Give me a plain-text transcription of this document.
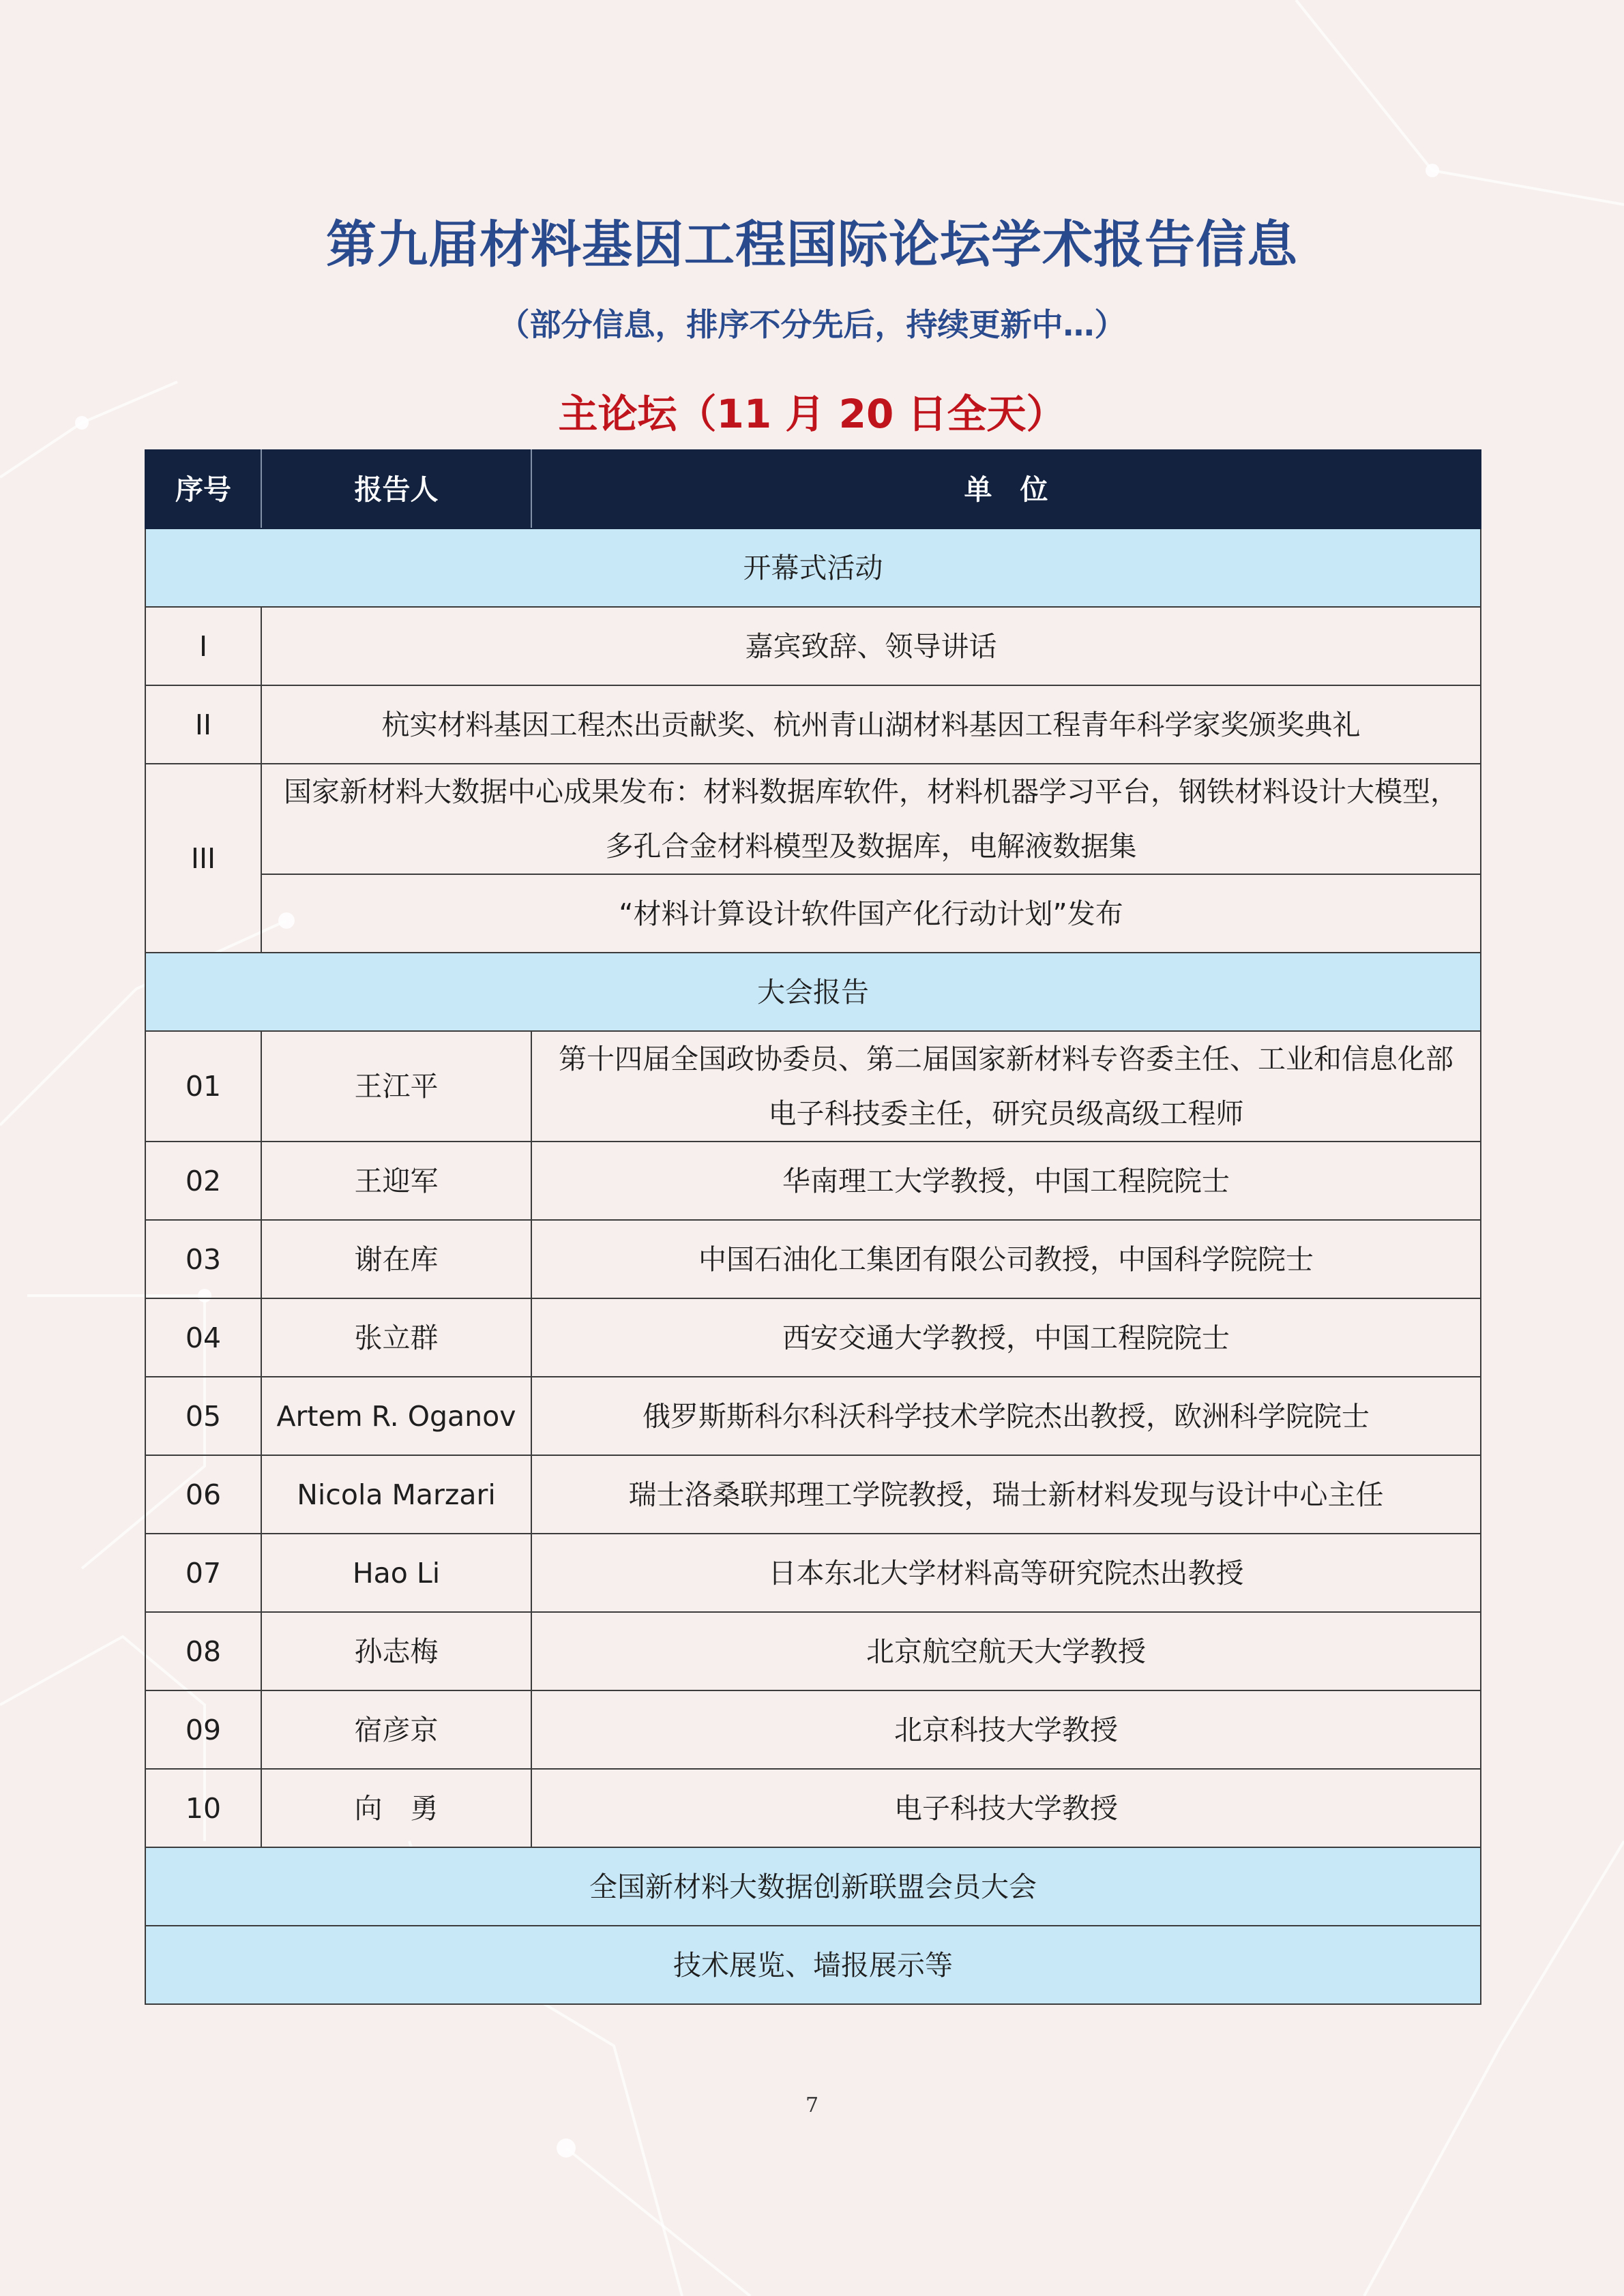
第九届材料基因工程国际论坛学术报告信息
（部分信息，排序不分先后，持续更新中…）
主论坛（11 月 20 日全天）
序号	报告人	单　位
开幕式活动		
I	嘉宾致辞、领导讲话	
II	杭实材料基因工程杰出贡献奖、杭州青山湖材料基因工程青年科学家奖颁奖典礼	
III	国家新材料大数据中心成果发布：材料数据库软件，材料机器学习平台，钢铁材料设计大模型，
多孔合金材料模型及数据库，电解液数据集	

	“材料计算设计软件国产化行动计划”发布	
大会报告		
01	王江平	第十四届全国政协委员、第二届国家新材料专咨委主任、工业和信息化部
电子科技委主任，研究员级高级工程师

02	王迎军	华南理工大学教授，中国工程院院士
03	谢在库	中国石油化工集团有限公司教授，中国科学院院士
04	张立群	西安交通大学教授，中国工程院院士
05	Artem R. Oganov	俄罗斯斯科尔科沃科学技术学院杰出教授，欧洲科学院院士
06	Nicola Marzari	瑞士洛桑联邦理工学院教授，瑞士新材料发现与设计中心主任
07	Hao Li	日本东北大学材料高等研究院杰出教授
08	孙志梅	北京航空航天大学教授
09	宿彦京	北京科技大学教授
10	向　勇	电子科技大学教授
全国新材料大数据创新联盟会员大会		
技术展览、墙报展示等		
7
